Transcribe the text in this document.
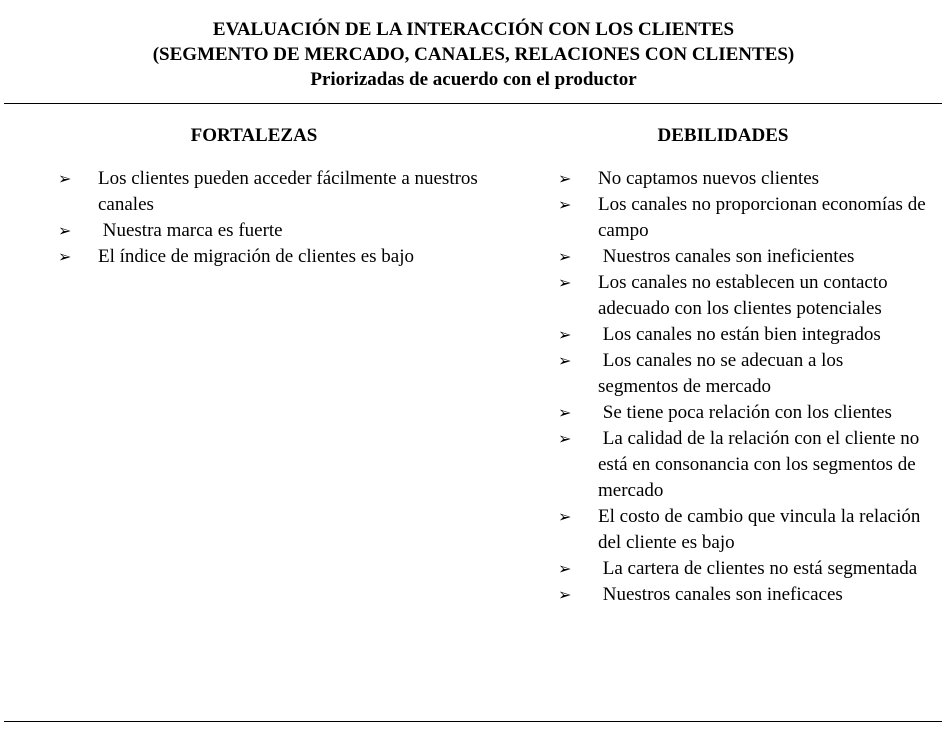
EVALUACIÓN DE LA INTERACCIÓN CON LOS CLIENTES
(SEGMENTO DE MERCADO, CANALES, RELACIONES CON CLIENTES)
Priorizadas de acuerdo con el productor
FORTALEZAS	DEBILIDADES
➢	Los clientes pueden acceder fácilmente a nuestros canales
➢	Nuestra marca es fuerte
➢	El índice de migración de clientes es bajo
➢	No captamos nuevos clientes
➢	Los canales no proporcionan economías de campo
➢	Nuestros canales son ineficientes
➢	Los canales no establecen un contacto adecuado con los clientes potenciales
➢	Los canales no están bien integrados
➢	Los canales no se adecuan a los segmentos de mercado
➢	Se tiene poca relación con los clientes
➢	La calidad de la relación con el cliente no está en consonancia con los segmentos de mercado
➢	El costo de cambio que vincula la relación del cliente es bajo
➢	La cartera de clientes no está segmentada
➢	Nuestros canales son ineficaces
